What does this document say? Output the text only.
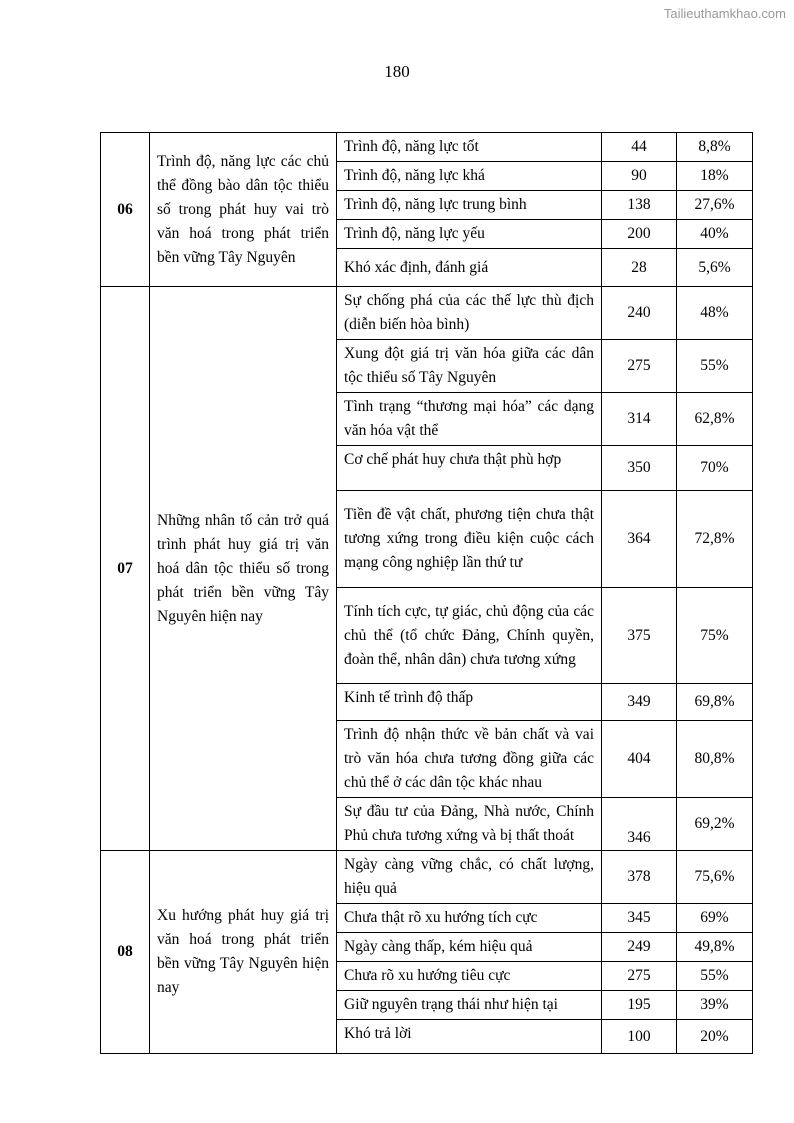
Tailieuthamkhao.com
180
06	Trình độ, năng lực các chủ thể đồng bào dân tộc thiểu số trong phát huy vai trò văn hoá trong phát triển bền vững Tây Nguyên	Trình độ, năng lực tốt	44	8,8%
		Trình độ, năng lực khá	90	18%
		Trình độ, năng lực trung bình	138	27,6%
		Trình độ, năng lực yếu	200	40%
		Khó xác định, đánh giá	28	5,6%
07	Những nhân tố cản trở quá trình phát huy giá trị văn hoá dân tộc thiểu số trong phát triển bền vững Tây Nguyên hiện nay	Sự chống phá của các thế lực thù địch (diễn biến hòa bình)	240	48%
		Xung đột giá trị văn hóa giữa các dân tộc thiểu số Tây Nguyên	275	55%
		Tình trạng “thương mại hóa” các dạng văn hóa vật thể	314	62,8%
		Cơ chế phát huy chưa thật phù hợp	350	70%
		Tiền đề vật chất, phương tiện chưa thật tương xứng trong điều kiện cuộc cách mạng công nghiệp lần thứ tư	364	72,8%
		Tính tích cực, tự giác, chủ động của các chủ thể (tổ chức Đảng, Chính quyền, đoàn thể, nhân dân) chưa tương xứng	375	75%
		Kinh tế trình độ thấp	349	69,8%
		Trình độ nhận thức về bản chất và vai trò văn hóa chưa tương đồng giữa các chủ thể ở các dân tộc khác nhau	404	80,8%
		Sự đầu tư của Đảng, Nhà nước, Chính Phủ chưa tương xứng và bị thất thoát	346	69,2%
08	Xu hướng phát huy giá trị văn hoá trong phát triển bền vững Tây Nguyên hiện nay	Ngày càng vững chắc, có chất lượng, hiệu quả	378	75,6%
		Chưa thật rõ xu hướng tích cực	345	69%
		Ngày càng thấp, kém hiệu quả	249	49,8%
		Chưa rõ xu hướng tiêu cực	275	55%
		Giữ nguyên trạng thái như hiện tại	195	39%
		Khó trả lời	100	20%
